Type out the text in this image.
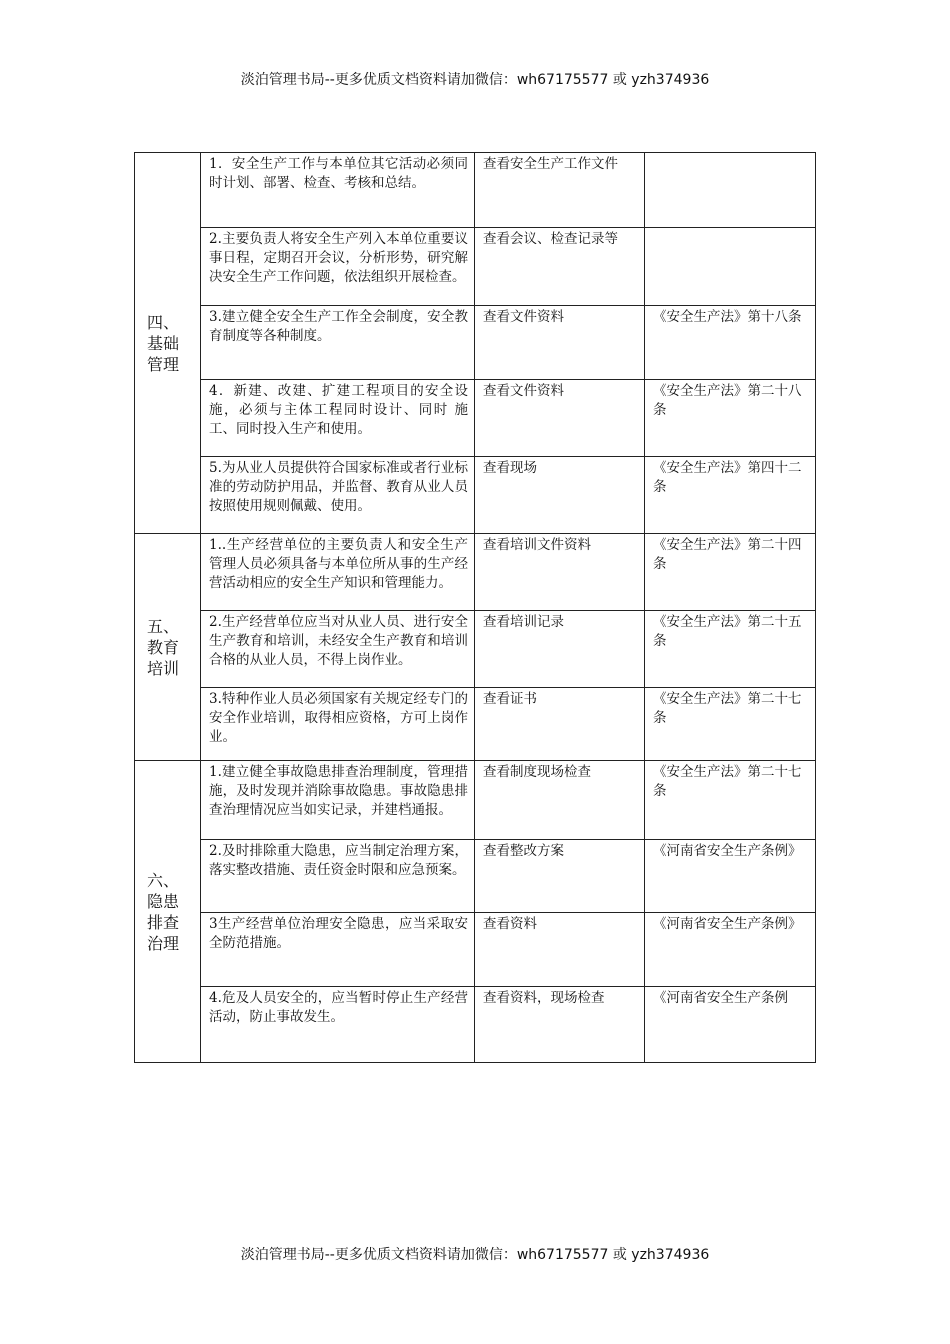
淡泊管理书局--更多优质文档资料请加微信：wh67175577 或 yzh374936
四、基础管理	1．安全生产工作与本单位其它活动必须同时计划、部署、检查、考核和总结。	查看安全生产工作文件	
	2.主要负责人将安全生产列入本单位重要议事日程，定期召开会议，分析形势，研究解决安全生产工作问题，依法组织开展检查。	查看会议、检查记录等	
	3.建立健全安全生产工作全会制度，安全教育制度等各种制度。	查看文件资料	《安全生产法》第十八条
	4．新建、改建、扩建工程项目的安全设施，必须与主体工程同时设计、同时 施工、同时投入生产和使用。	查看文件资料	《安全生产法》第二十八条
	5.为从业人员提供符合国家标准或者行业标准的劳动防护用品，并监督、教育从业人员按照使用规则佩戴、使用。	查看现场	《安全生产法》第四十二条
五、教育培训	1..生产经营单位的主要负责人和安全生产管理人员必须具备与本单位所从事的生产经营活动相应的安全生产知识和管理能力。	查看培训文件资料	《安全生产法》第二十四条
	2.生产经营单位应当对从业人员、进行安全生产教育和培训，未经安全生产教育和培训合格的从业人员，不得上岗作业。	查看培训记录	《安全生产法》第二十五条
	3.特种作业人员必须国家有关规定经专门的安全作业培训，取得相应资格，方可上岗作业。	查看证书	《安全生产法》第二十七条
六、隐患排查治理	1.建立健全事故隐患排查治理制度，管理措施，及时发现并消除事故隐患。事故隐患排查治理情况应当如实记录，并建档通报。	查看制度现场检查	《安全生产法》第二十七条
	2.及时排除重大隐患，应当制定治理方案，落实整改措施、责任资金时限和应急预案。	查看整改方案	《河南省安全生产条例》
	3生产经营单位治理安全隐患，应当采取安全防范措施。	查看资料	《河南省安全生产条例》
	4.危及人员安全的，应当暂时停止生产经营活动，防止事故发生。	查看资料，现场检查	《河南省安全生产条例
淡泊管理书局--更多优质文档资料请加微信：wh67175577 或 yzh374936
